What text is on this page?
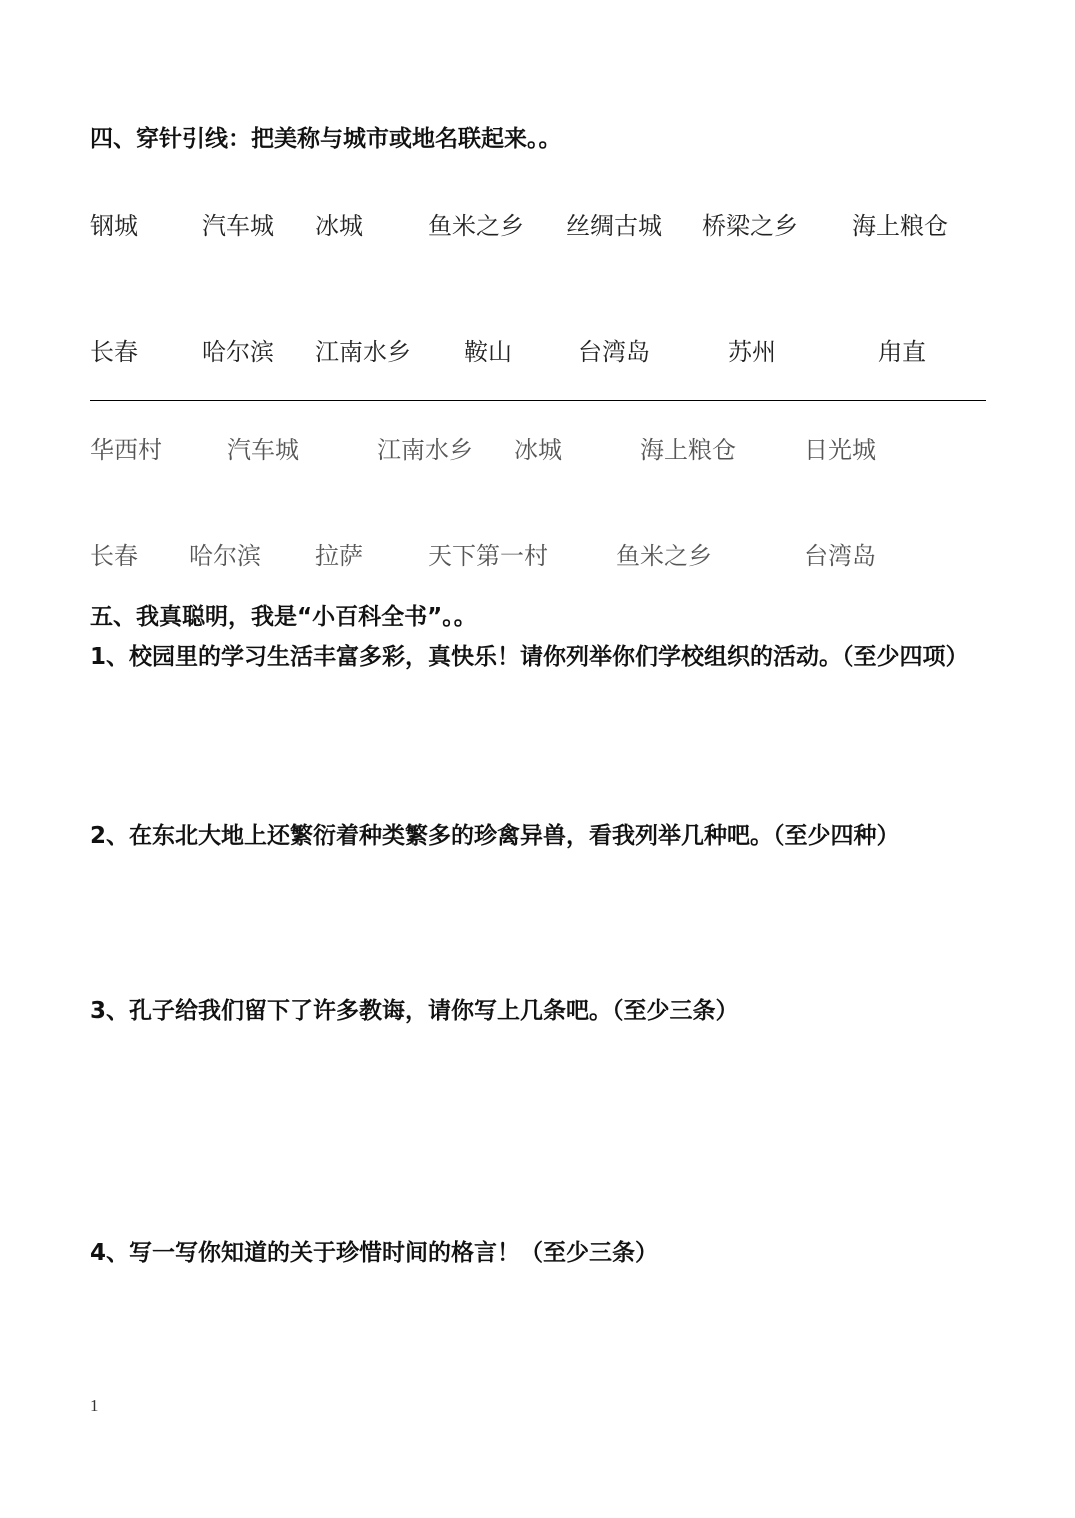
四、穿针引线：把美称与城市或地名联起来。。
钢城	汽车城 冰城	鱼米之乡 丝绸古城 桥梁之乡 海上粮仓
长春	哈尔滨 江南水乡 鞍山	台湾岛	苏州	甪直
华西村	汽车城	江南水乡 冰城	海上粮仓	日光城
长春 哈尔滨 拉萨	天下第一村	鱼米之乡	台湾岛
五、我真聪明，我是“小百科全书”。。
1、校园里的学习生活丰富多彩，真快乐！请你列举你们学校组织的活动。（至少四项）
2、在东北大地上还繁衍着种类繁多的珍禽异兽，看我列举几种吧。（至少四种）
3、孔子给我们留下了许多教诲，请你写上几条吧。（至少三条）
4、写一写你知道的关于珍惜时间的格言！（至少三条）
1
